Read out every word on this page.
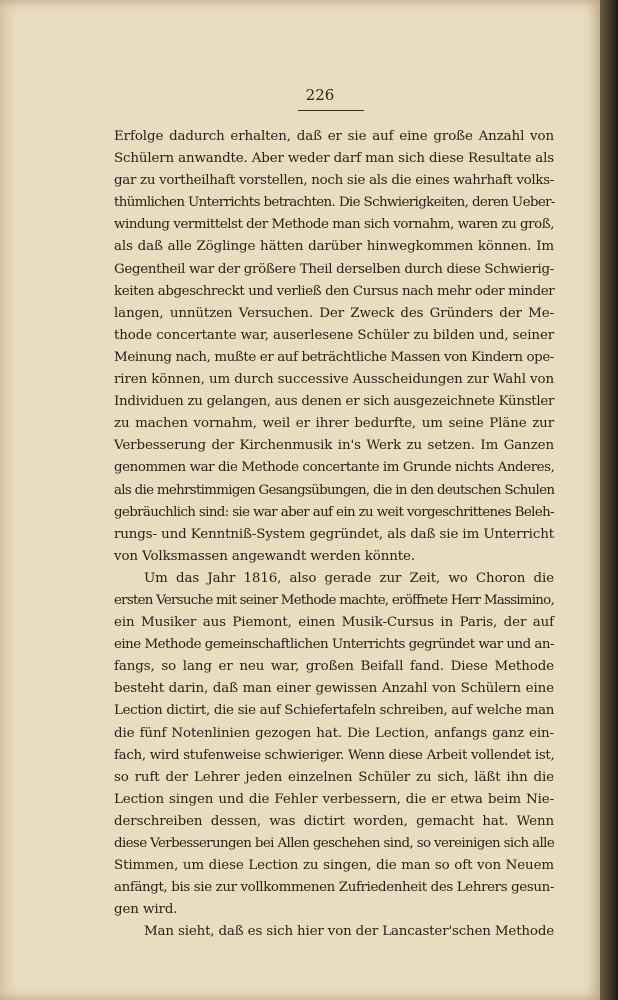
226
Erfolge dadurch erhalten, daß er sie auf eine große Anzahl von
Schülern anwandte. Aber weder darf man sich diese Resultate als
gar zu vortheilhaft vorstellen, noch sie als die eines wahrhaft volks-
thümlichen Unterrichts betrachten. Die Schwierigkeiten, deren Ueber-
windung vermittelst der Methode man sich vornahm, waren zu groß,
als daß alle Zöglinge hätten darüber hinwegkommen können. Im
Gegentheil war der größere Theil derselben durch diese Schwierig-
keiten abgeschreckt und verließ den Cursus nach mehr oder minder
langen, unnützen Versuchen. Der Zweck des Gründers der Me-
thode concertante war, auserlesene Schüler zu bilden und, seiner
Meinung nach, mußte er auf beträchtliche Massen von Kindern ope-
riren können, um durch successive Ausscheidungen zur Wahl von
Individuen zu gelangen, aus denen er sich ausgezeichnete Künstler
zu machen vornahm, weil er ihrer bedurfte, um seine Pläne zur
Verbesserung der Kirchenmusik in's Werk zu setzen. Im Ganzen
genommen war die Methode concertante im Grunde nichts Anderes,
als die mehrstimmigen Gesangsübungen, die in den deutschen Schulen
gebräuchlich sind: sie war aber auf ein zu weit vorgeschrittenes Beleh-
rungs- und Kenntniß-System gegründet, als daß sie im Unterricht
von Volksmassen angewandt werden könnte.
Um das Jahr 1816, also gerade zur Zeit, wo Choron die
ersten Versuche mit seiner Methode machte, eröffnete Herr Massimino,
ein Musiker aus Piemont, einen Musik-Cursus in Paris, der auf
eine Methode gemeinschaftlichen Unterrichts gegründet war und an-
fangs, so lang er neu war, großen Beifall fand. Diese Methode
besteht darin, daß man einer gewissen Anzahl von Schülern eine
Lection dictirt, die sie auf Schiefertafeln schreiben, auf welche man
die fünf Notenlinien gezogen hat. Die Lection, anfangs ganz ein-
fach, wird stufenweise schwieriger. Wenn diese Arbeit vollendet ist,
so ruft der Lehrer jeden einzelnen Schüler zu sich, läßt ihn die
Lection singen und die Fehler verbessern, die er etwa beim Nie-
derschreiben dessen, was dictirt worden, gemacht hat. Wenn
diese Verbesserungen bei Allen geschehen sind, so vereinigen sich alle
Stimmen, um diese Lection zu singen, die man so oft von Neuem
anfängt, bis sie zur vollkommenen Zufriedenheit des Lehrers gesun-
gen wird.
Man sieht, daß es sich hier von der Lancaster'schen Methode
